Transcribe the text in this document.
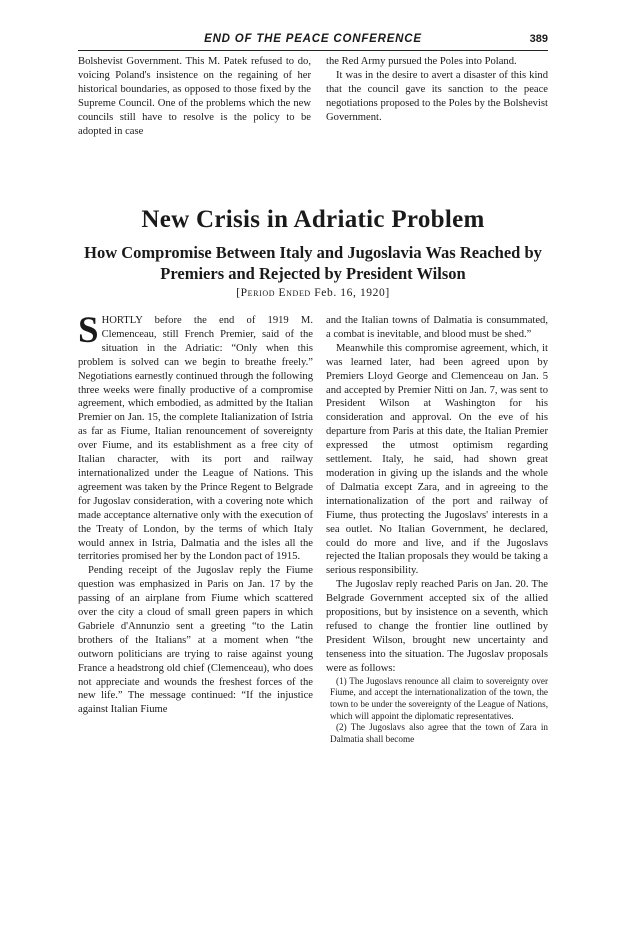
END OF THE PEACE CONFERENCE	389

Bolshevist Government. This M. Patek refused to do, voicing Poland's insistence on the regaining of her historical boundaries, as opposed to those fixed by the Supreme Council. One of the problems which the new councils still have to resolve is the policy to be adopted in case

the Red Army pursued the Poles into Poland.

It was in the desire to avert a disaster of this kind that the council gave its sanction to the peace negotiations proposed to the Poles by the Bolshevist Government.

New Crisis in Adriatic Problem
How Compromise Between Italy and Jugoslavia Was Reached by Premiers and Rejected by President Wilson
[Period Ended Feb. 16, 1920]

SHORTLY before the end of 1919 M. Clemenceau, still French Premier, said of the situation in the Adriatic: “Only when this problem is solved can we begin to breathe freely.” Negotiations earnestly continued through the following three weeks were finally productive of a compromise agreement, which embodied, as admitted by the Italian Premier on Jan. 15, the complete Italianization of Istria as far as Fiume, Italian renouncement of sovereignty over Fiume, and its establishment as a free city of Italian character, with its port and railway internationalized under the League of Nations. This agreement was taken by the Prince Regent to Belgrade for Jugoslav consideration, with a covering note which made acceptance alternative only with the execution of the Treaty of London, by the terms of which Italy would annex in Istria, Dalmatia and the isles all the territories promised her by the London pact of 1915.

Pending receipt of the Jugoslav reply the Fiume question was emphasized in Paris on Jan. 17 by the passing of an airplane from Fiume which scattered over the city a cloud of small green papers in which Gabriele d'Annunzio sent a greeting “to the Latin brothers of the Italians” at a moment when “the outworn politicians are trying to raise against young France a headstrong old chief (Clemenceau), who does not appreciate and wounds the freshest forces of the new life.” The message continued: “If the injustice against Italian Fiume

and the Italian towns of Dalmatia is consummated, a combat is inevitable, and blood must be shed.”

Meanwhile this compromise agreement, which, it was learned later, had been agreed upon by Premiers Lloyd George and Clemenceau on Jan. 5 and accepted by Premier Nitti on Jan. 7, was sent to President Wilson at Washington for his consideration and approval. On the eve of his departure from Paris at this date, the Italian Premier expressed the utmost optimism regarding settlement. Italy, he said, had shown great moderation in giving up the islands and the whole of Dalmatia except Zara, and in agreeing to the internationalization of the port and railway of Fiume, thus protecting the Jugoslavs' interests in a sea outlet. No Italian Government, he declared, could do more and live, and if the Jugoslavs rejected the Italian proposals they would be taking a serious responsibility.

The Jugoslav reply reached Paris on Jan. 20. The Belgrade Government accepted six of the allied propositions, but by insistence on a seventh, which refused to change the frontier line outlined by President Wilson, brought new uncertainty and tenseness into the situation. The Jugoslav proposals were as follows:

(1) The Jugoslavs renounce all claim to sovereignty over Fiume, and accept the internationalization of the town, the town to be under the sovereignty of the League of Nations, which will appoint the diplomatic representatives.

(2) The Jugoslavs also agree that the town of Zara in Dalmatia shall become
